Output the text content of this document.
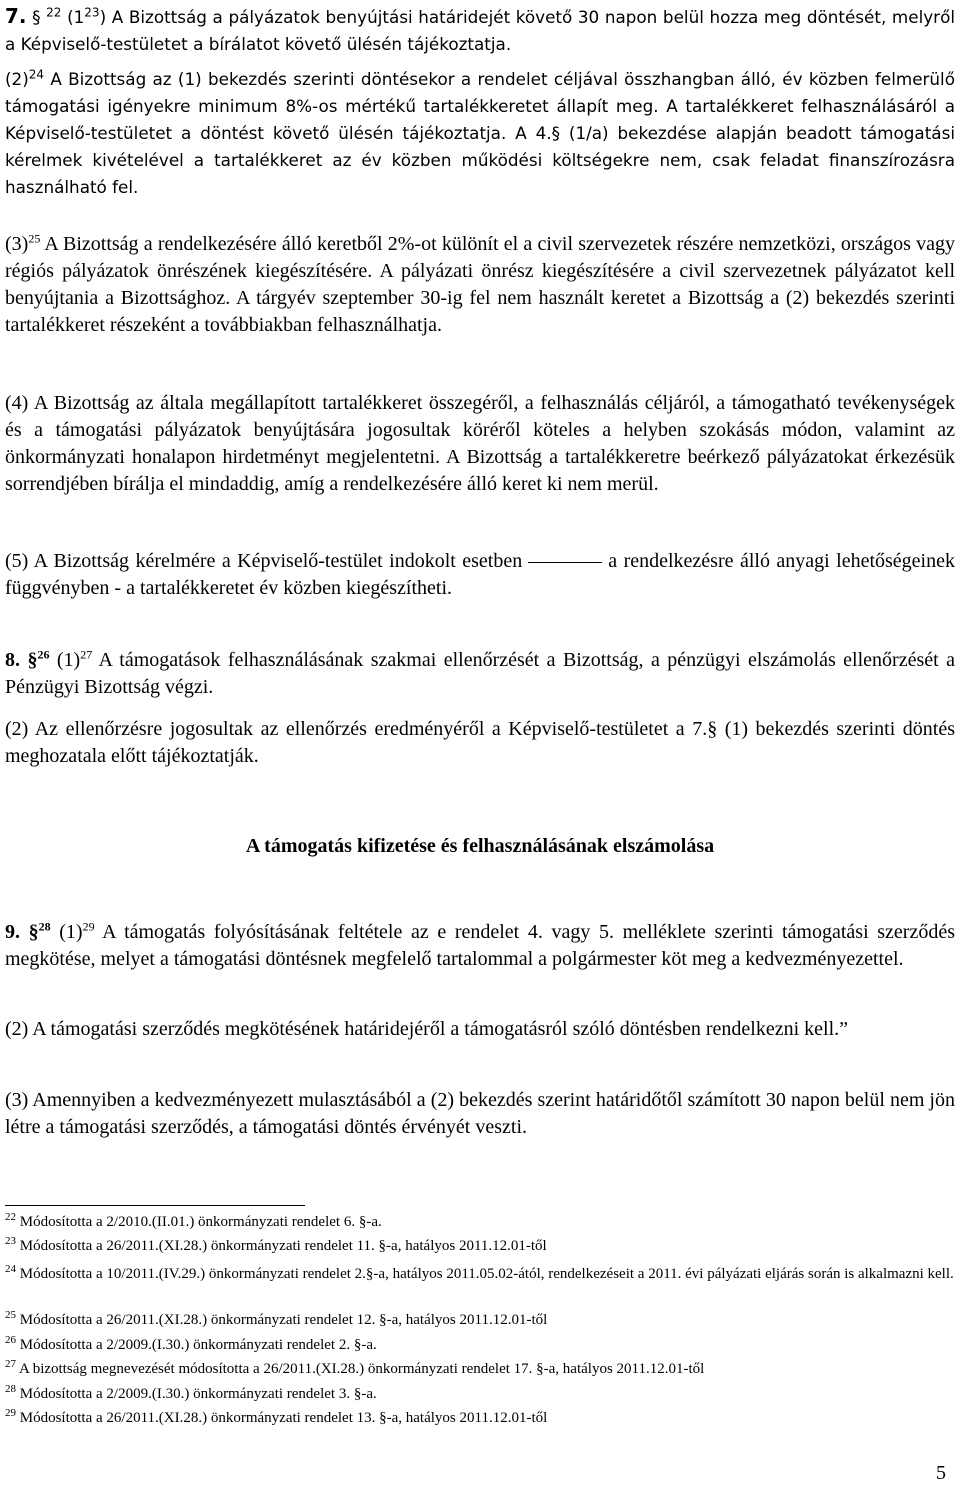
7. § $^{22}$ $(1^{23})$ A Bizottság a pályázatok benyújtási határidejét követő 30 napon belül hozza meg döntését, melyről a Képviselő-testületet a bírálatot követő ülésén tájékoztatja.

$(2)^{24}$ A Bizottság az (1) bekezdés szerinti döntésekor a rendelet céljával összhangban álló, év közben felmerülő támogatási igényekre minimum 8%-os mértékű tartalékkeretet állapít meg. A tartalékkeret felhasználásáról a Képviselő-testületet a döntést követő ülésén tájékoztatja. A 4.§ (1/a) bekezdése alapján beadott támogatási kérelmek kivételével a tartalékkeret az év közben működési költségekre nem, csak feladat finanszírozásra használható fel.

$(3)^{25}$ A Bizottság a rendelkezésére álló keretből 2%-ot különít el a civil szervezetek részére nemzetközi, országos vagy régiós pályázatok önrészének kiegészítésére. A pályázati önrész kiegészítésére a civil szervezetnek pályázatot kell benyújtania a Bizottsághoz. A tárgyév szeptember 30-ig fel nem használt keretet a Bizottság a (2) bekezdés szerinti tartalékkeret részeként a továbbiakban felhasználhatja.

(4) A Bizottság az általa megállapított tartalékkeret összegéről, a felhasználás céljáról, a támogatható tevékenységek és a támogatási pályázatok benyújtására jogosultak köréről köteles a helyben szokásás módon, valamint az önkormányzati honalapon hirdetményt megjelentetni. A Bizottság a tartalékkeretre beérkező pályázatokat érkezésük sorrendjében bírálja el mindaddig, amíg a rendelkezésére álló keret ki nem merül.

(5) A Bizottság kérelmére a Képviselő-testület indokolt esetben	a rendelkezésre álló anyagi lehetőségeinek függvényben - a tartalékkeretet év közben kiegészítheti.

8. §$^{26}$ $(1)^{27}$ A támogatások felhasználásának szakmai ellenőrzését a Bizottság, a pénzügyi elszámolás ellenőrzését a Pénzügyi Bizottság végzi.

(2) Az ellenőrzésre jogosultak az ellenőrzés eredményéről a Képviselő-testületet a 7.§ (1) bekezdés szerinti döntés meghozatala előtt tájékoztatják.

A támogatás kifizetése és felhasználásának elszámolása

9. §$^{28}$ $(1)^{29}$ A támogatás folyósításának feltétele az e rendelet 4. vagy 5. melléklete szerinti támogatási szerződés megkötése, melyet a támogatási döntésnek megfelelő tartalommal a polgármester köt meg a kedvezményezettel.

(2) A támogatási szerződés megkötésének határidejéről a támogatásról szóló döntésben rendelkezni kell.”

(3) Amennyiben a kedvezményezett mulasztásából a (2) bekezdés szerint határidőtől számított 30 napon belül nem jön létre a támogatási szerződés, a támogatási döntés érvényét veszti.

$^{22}$ Módosította a 2/2010.(II.01.) önkormányzati rendelet 6. §-a.

$^{23}$ Módosította a 26/2011.(XI.28.) önkormányzati rendelet 11. §-a, hatályos 2011.12.01-től

$^{24}$ Módosította a 10/2011.(IV.29.) önkormányzati rendelet 2.§-a, hatályos 2011.05.02-ától, rendelkezéseit a 2011. évi pályázati eljárás során is alkalmazni kell.

$^{25}$ Módosította a 26/2011.(XI.28.) önkormányzati rendelet 12. §-a, hatályos 2011.12.01-től

$^{26}$ Módosította a 2/2009.(I.30.) önkormányzati rendelet 2. §-a.

$^{27}$ A bizottság megnevezését módosította a 26/2011.(XI.28.) önkormányzati rendelet 17. §-a, hatályos 2011.12.01-től

$^{28}$ Módosította a 2/2009.(I.30.) önkormányzati rendelet 3. §-a.

$^{29}$ Módosította a 26/2011.(XI.28.) önkormányzati rendelet 13. §-a, hatályos 2011.12.01-től

5
